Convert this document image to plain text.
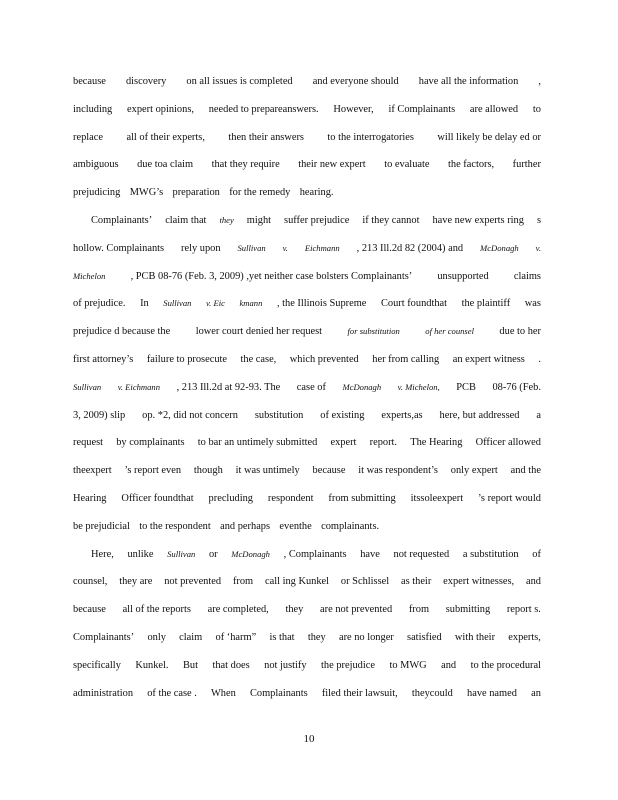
because discovery on all issues is completed and everyone should have all the information ,
including expert opinions, needed to prepareanswers. However, if Complainants are allowed to
replace all of their experts, then their answers to the interrogatories will likely be delay ed or
ambiguous due toa claim that they require their new expert to evaluate the factors, further
prejudicing MWG’s preparation for the remedy hearing.
Complainants’ claim that they might suffer prejudice if they cannot have new experts ring s
hollow. Complainants rely upon Sullivan v. Eichmann , 213 Ill.2d 82 (2004) and McDonagh v.
Michelon , PCB 08-76 (Feb. 3, 2009) ,yet neither case bolsters Complainants’ unsupported claims
of prejudice. In Sullivan v. Eic kmann , the Illinois Supreme Court foundthat the plaintiff was
prejudice d because the lower court denied her request	for substitution	of her counsel due to her
first attorney’s failure to prosecute the case, which prevented her from calling an expert witness .
Sullivan v. Eichmann , 213 Ill.2d at 92-93. The case of McDonagh v. Michelon, PCB 08-76 (Feb.
3, 2009) slip op. *2, did not concern substitution of existing experts,as here, but addressed a
request by complainants to bar an untimely submitted expert report. The Hearing Officer allowed
theexpert ’s report even though it was untimely because it was respondent’s only expert and the
Hearing Officer foundthat precluding respondent from submitting itssoleexpert ’s report would
be prejudicial to the respondent and perhaps eventhe complainants.
Here, unlike Sullivan or McDonagh , Complainants have not requested a substitution of
counsel, they are not prevented from call ing Kunkel or Schlissel as their expert witnesses, and
because all of the reports are completed, they are not prevented from submitting report s.
Complainants’ only claim of ‘harm” is that they are no longer satisfied with their experts,
specifically Kunkel. But that does not justify the prejudice to MWG and to the procedural
administration of the case . When Complainants filed their lawsuit, theycould have named an
10
